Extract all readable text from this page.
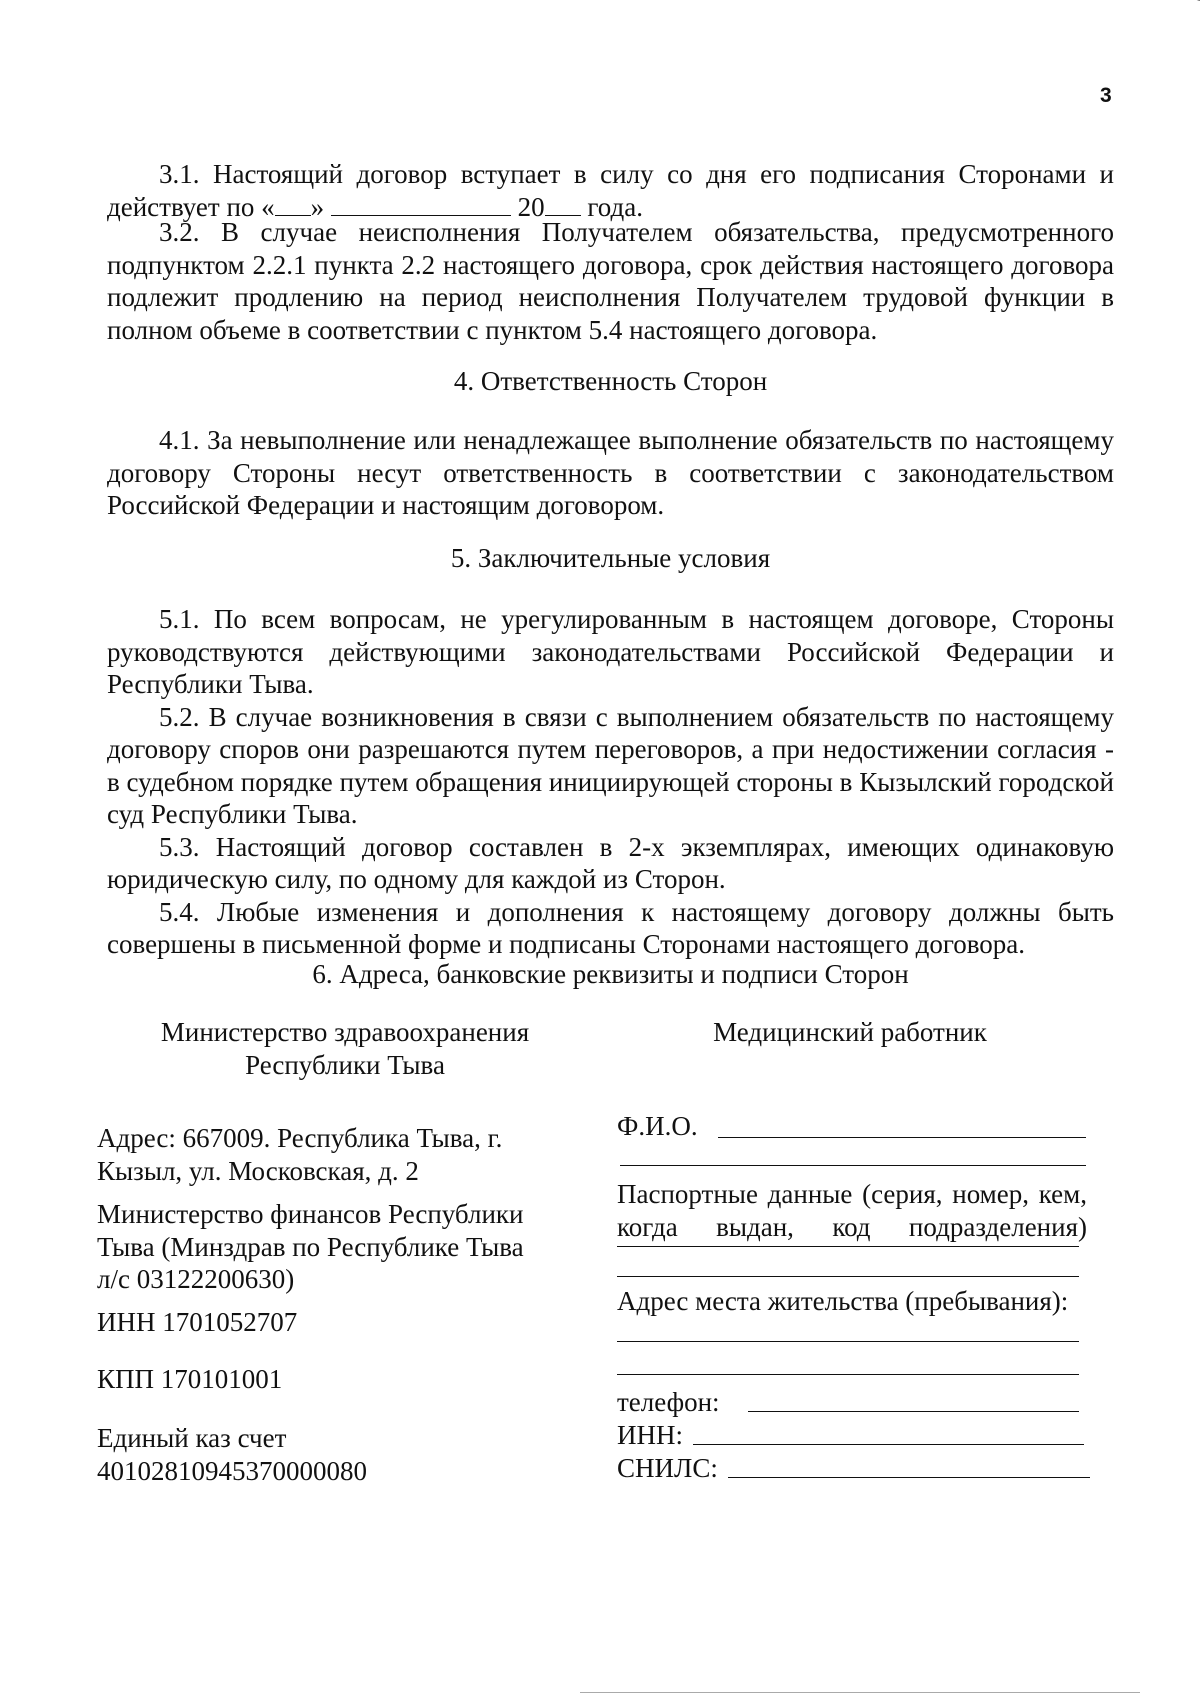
3

3.1. Настоящий договор вступает в силу со дня его подписания Сторонами и действует по « »	20 года.

3.2. В случае неисполнения Получателем обязательства, предусмотренного подпунктом 2.2.1 пункта 2.2 настоящего договора, срок действия настоящего договора подлежит продлению на период неисполнения Получателем трудовой функции в полном объеме в соответствии с пунктом 5.4 настоящего договора.

4. Ответственность Сторон

4.1. За невыполнение или ненадлежащее выполнение обязательств по настоящему договору Стороны несут ответственность в соответствии с законодательством Российской Федерации и настоящим договором.

5. Заключительные условия

5.1. По всем вопросам, не урегулированным в настоящем договоре, Стороны руководствуются действующими законодательствами Российской Федерации и Республики Тыва.

5.2. В случае возникновения в связи с выполнением обязательств по настоящему договору споров они разрешаются путем переговоров, а при недостижении согласия - в судебном порядке путем обращения инициирующей стороны в Кызылский городской суд Республики Тыва.

5.3. Настоящий договор составлен в 2-х экземплярах, имеющих одинаковую юридическую силу, по одному для каждой из Сторон.

5.4. Любые изменения и дополнения к настоящему договору должны быть совершены в письменной форме и подписаны Сторонами настоящего договора.

6. Адреса, банковские реквизиты и подписи Сторон

Министерство здравоохранения
Республики Тыва
Медицинский работник
Адрес: 667009. Республика Тыва, г.
Кызыл, ул. Московская, д. 2
Министерство финансов Республики
Тыва (Минздрав по Республике Тыва
л/с 03122200630)
ИНН 1701052707
КПП 170101001
Единый каз счет
40102810945370000080
Ф.И.О.
Паспортные данные (серия, номер, кем, когда выдан, код подразделения)
Адрес места жительства (пребывания):
телефон:
ИНН:
СНИЛС:
